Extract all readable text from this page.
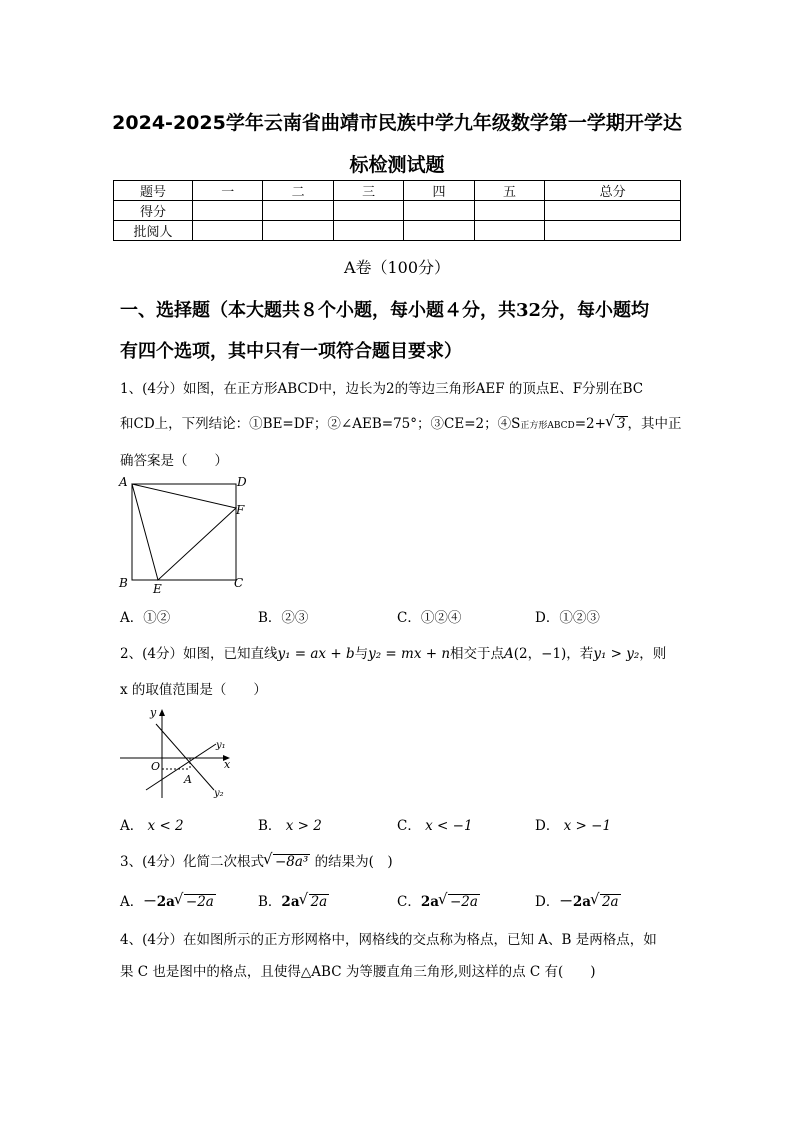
2024-2025学年云南省曲靖市民族中学九年级数学第一学期开学达
标检测试题
题号	一	二	三	四	五	总分
得分						
批阅人						
A卷（100分）
一、选择题（本大题共８个小题，每小题４分，共32分，每小题均
有四个选项，其中只有一项符合题目要求）
1、(4分）如图，在正方形ABCD中，边长为2的等边三角形AEF 的顶点E、F分别在BC
和CD上，下列结论：①BE=DF；②∠AEB=75°；③CE=2；④S正方形ABCD=2+ √ 3 ，其中正
确答案是（　　）
A	D
F
B E	C
A．①②	B．②③	C．①②④	D．①②③
2、(4分）如图，已知直线y₁ = ax + b与y₂ = mx + n相交于点A(2，−1)，若y₁ > y₂，则
x 的取值范围是（　　）
y
x
O
A
y₁
y₂
A． x < 2	B． x > 2	C． x < −1	D． x > −1
3、(4分）化简二次根式 √ −8a³ 的结果为(　)
A．－2a √ −2a	B．2a √ 2a	C．2a √ −2a	D．－2a √ 2a
4、(4分）在如图所示的正方形网格中，网格线的交点称为格点，已知 A、B 是两格点，如
果 C 也是图中的格点，且使得△ABC 为等腰直角三角形,则这样的点 C 有(　　)
